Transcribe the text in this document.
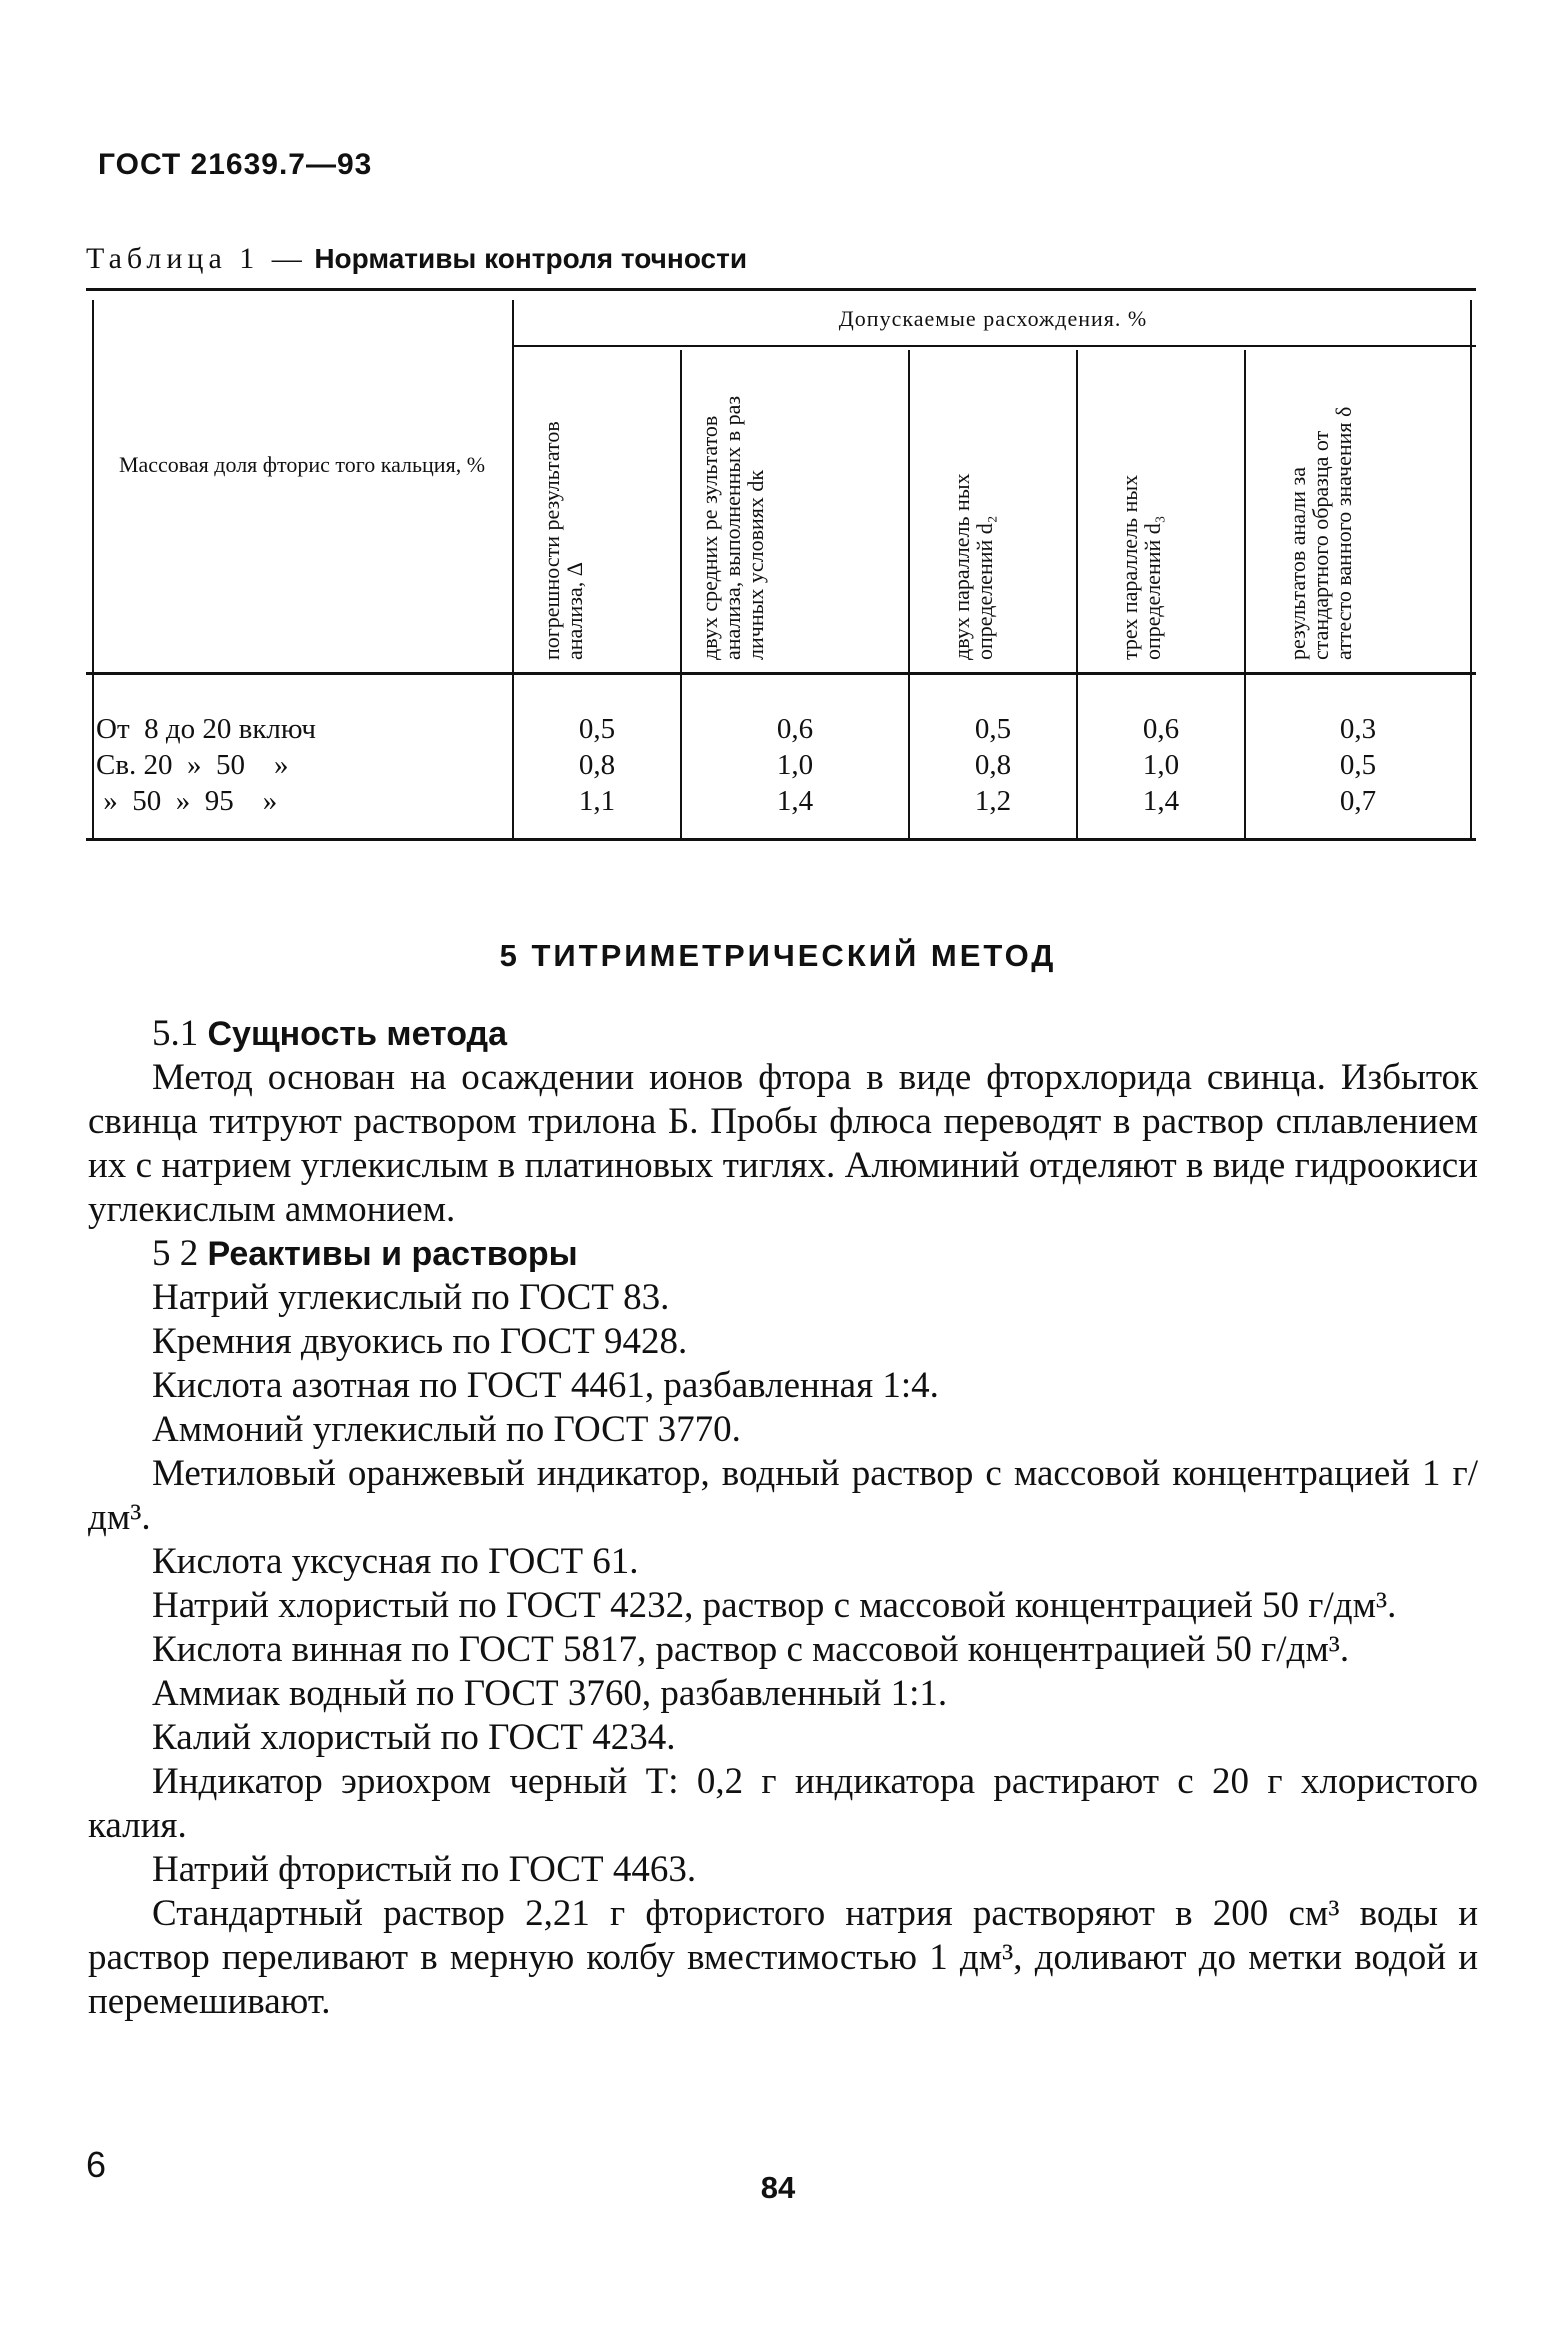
ГОСТ 21639.7—93
Таблица 1 — Нормативы контроля точности
Массовая доля фторис того кальция, %
Допускаемые расхождения. %
погрешности результатов анализа, Δ	двух средних ре зультатов анализа, выполненных в раз личных условиях dк	двух параллель ных определений d₂	трех параллель ных определений d₃	результатов анали за стандартного образца от аттесто ванного значения δ
От  8 до 20 включ	0,5	0,6	0,5	0,6	0,3
Св. 20  »  50    »	0,8	1,0	0,8	1,0	0,5
»  50  »  95    »	1,1	1,4	1,2	1,4	0,7
5 ТИТРИМЕТРИЧЕСКИЙ МЕТОД

5.1 Сущность метода

Метод основан на осаждении ионов фтора в виде фторхлорида свинца. Избыток свинца титруют раствором трилона Б. Пробы флюса переводят в раствор сплавлением их с натрием углекислым в платиновых тиглях. Алюминий отделяют в виде гидроокиси углекислым аммонием.

5 2 Реактивы и растворы

Натрий углекислый по ГОСТ 83.

Кремния двуокись по ГОСТ 9428.

Кислота азотная по ГОСТ 4461, разбавленная 1:4.

Аммоний углекислый по ГОСТ 3770.

Метиловый оранжевый индикатор, водный раствор с массовой концентрацией 1 г/дм³.

Кислота уксусная по ГОСТ 61.

Натрий хлористый по ГОСТ 4232, раствор с массовой концентрацией 50 г/дм³.

Кислота винная по ГОСТ 5817, раствор с массовой концентрацией 50 г/дм³.

Аммиак водный по ГОСТ 3760, разбавленный 1:1.

Калий хлористый по ГОСТ 4234.

Индикатор эриохром черный Т: 0,2 г индикатора растирают с 20 г хлористого калия.

Натрий фтористый по ГОСТ 4463.

Стандартный раствор 2,21 г фтористого натрия растворяют в 200 см³ воды и раствор переливают в мерную колбу вместимостью 1 дм³, доливают до метки водой и перемешивают.

6
84
